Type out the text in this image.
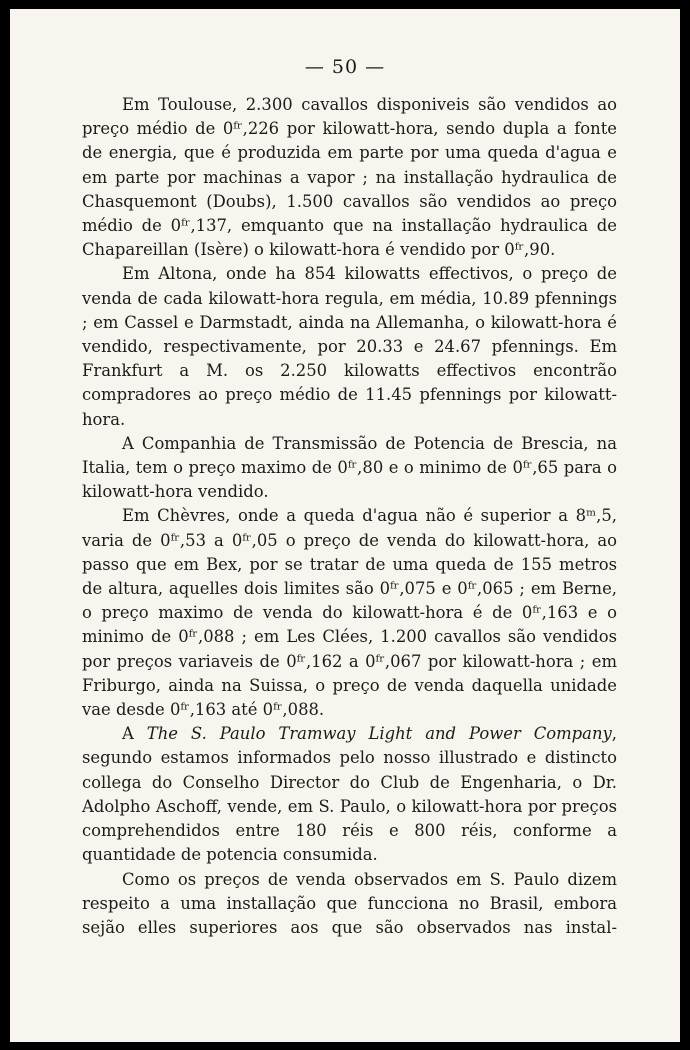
— 50 —

Em Toulouse, 2.300 cavallos disponiveis são vendidos ao preço médio de 0ᶠʳ,226 por kilowatt-hora, sendo dupla a fonte de energia, que é produzida em parte por uma queda d'agua e em parte por machinas a vapor ; na installação hydraulica de Chasquemont (Doubs), 1.500 cavallos são vendidos ao preço médio de 0ᶠʳ,137, emquanto que na installação hydraulica de Chapareillan (Isère) o kilowatt-hora é vendido por 0ᶠʳ,90.

Em Altona, onde ha 854 kilowatts effectivos, o preço de venda de cada kilowatt-hora regula, em média, 10.89 pfennings ; em Cassel e Darmstadt, ainda na Allemanha, o kilowatt-hora é vendido, respectivamente, por 20.33 e 24.67 pfennings. Em Frankfurt a M. os 2.250 kilowatts effectivos encontrão compradores ao preço médio de 11.45 pfennings por kilowatt-hora.

A Companhia de Transmissão de Potencia de Brescia, na Italia, tem o preço maximo de 0ᶠʳ,80 e o minimo de 0ᶠʳ,65 para o kilowatt-hora vendido.

Em Chèvres, onde a queda d'agua não é superior a 8ᵐ,5, varia de 0ᶠʳ,53 a 0ᶠʳ,05 o preço de venda do kilowatt-hora, ao passo que em Bex, por se tratar de uma queda de 155 metros de altura, aquelles dois limites são 0ᶠʳ,075 e 0ᶠʳ,065 ; em Berne, o preço maximo de venda do kilowatt-hora é de 0ᶠʳ,163 e o minimo de 0ᶠʳ,088 ; em Les Clées, 1.200 cavallos são vendidos por preços variaveis de 0ᶠʳ,162 a 0ᶠʳ,067 por kilowatt-hora ; em Friburgo, ainda na Suissa, o preço de venda daquella unidade vae desde 0ᶠʳ,163 até 0ᶠʳ,088.

A The S. Paulo Tramway Light and Power Company, segundo estamos informados pelo nosso illustrado e distincto collega do Conselho Director do Club de Engenharia, o Dr. Adolpho Aschoff, vende, em S. Paulo, o kilowatt-hora por preços comprehendidos entre 180 réis e 800 réis, conforme a quantidade de potencia consumida.

Como os preços de venda observados em S. Paulo dizem respeito a uma installação que funcciona no Brasil, embora sejão elles superiores aos que são observados nas instal-
